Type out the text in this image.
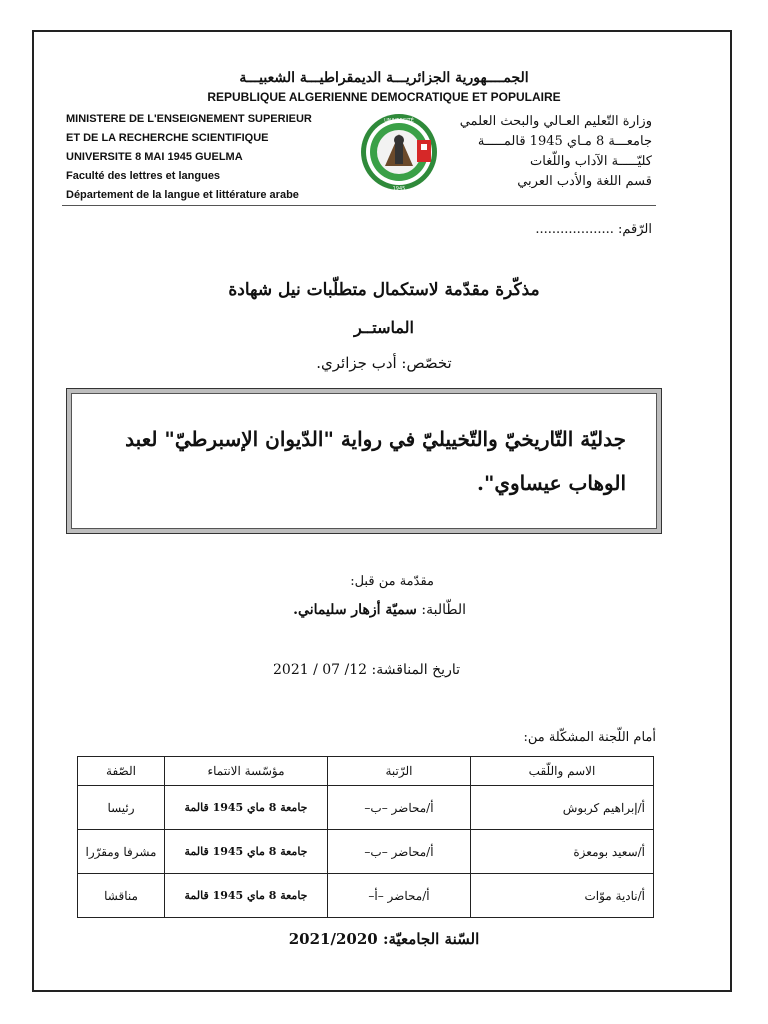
الجمــــهورية الجزائريـــة الديمقراطيـــة الشعبيـــة
REPUBLIQUE ALGERIENNE DEMOCRATIQUE ET POPULAIRE
MINISTERE DE L'ENSEIGNEMENT SUPERIEUR
ET DE LA RECHERCHE SCIENTIFIQUE
UNIVERSITE 8 MAI 1945 GUELMA
Faculté des lettres et langues
Département de la langue et littérature arabe
وزارة التّعليم العـالي والبحث العلمي
جامعـــة 8 مـاي 1945 قالمـــــة
كليّـــــة الآداب واللّغات
قسم اللغة والأدب العربي
UNIVERSITÉ
1945
الرّقم: ...................
مذكّرة مقدّمة لاستكمال متطلّبات نيل شهادة
الماستــر
تخصّص: أدب جزائري.
جدليّة التّاريخيّ والتّخييليّ في رواية "الدّيوان الإسبرطيّ" لعبد الوهاب عيساوي".
مقدّمة من قبل:
الطّالبة: سميّة أزهار سليماني.
تاريخ المناقشة: 12/ 07 / 2021
أمام اللّجنة المشكّلة من:
الاسم واللّقب	الرّتبة	مؤسّسة الانتماء	الصّفة
أ/إبراهيم كربوش	أ/محاضر –ب–	جامعة 8 ماي 1945 قالمة	رئيسا
أ/سعيد بومعزة	أ/محاضر –ب–	جامعة 8 ماي 1945 قالمة	مشرفا ومقرّرا
أ/نادية موّات	أ/محاضر –أ–	جامعة 8 ماي 1945 قالمة	مناقشا
السّنة الجامعيّة: 2021/2020
